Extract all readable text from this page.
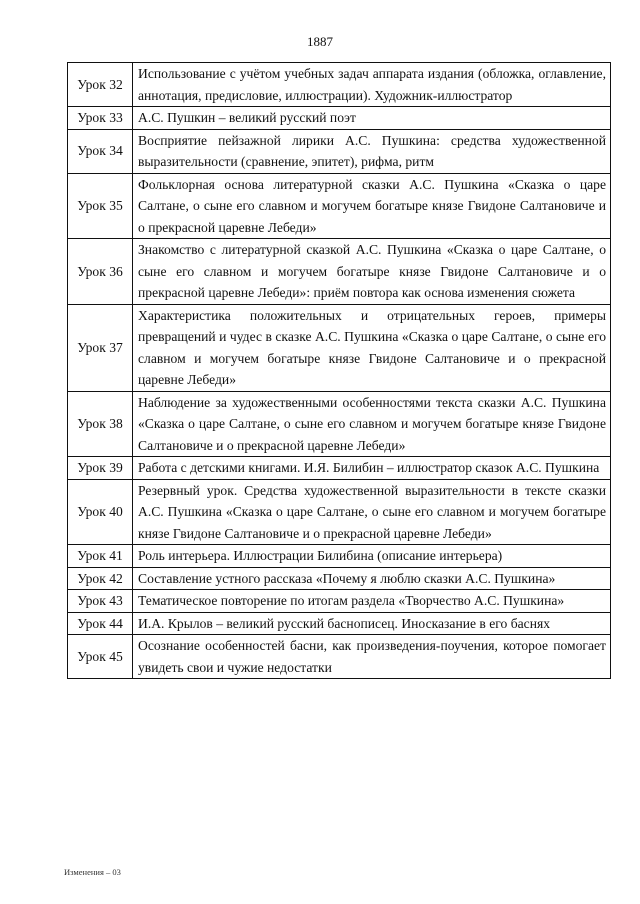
1887
Урок 32	Использование с учётом учебных задач аппарата издания (обложка, оглавление, аннотация, предисловие, иллюстрации). Художник-иллюстратор
Урок 33	А.С. Пушкин – великий русский поэт
Урок 34	Восприятие пейзажной лирики А.С. Пушкина: средства художественной выразительности (сравнение, эпитет), рифма, ритм
Урок 35	Фольклорная основа литературной сказки А.С. Пушкина «Сказка о царе Салтане, о сыне его славном и могучем богатыре князе Гвидоне Салтановиче и о прекрасной царевне Лебеди»
Урок 36	Знакомство с литературной сказкой А.С. Пушкина «Сказка о царе Салтане, о сыне его славном и могучем богатыре князе Гвидоне Салтановиче и о прекрасной царевне Лебеди»: приём повтора как основа изменения сюжета
Урок 37	Характеристика положительных и отрицательных героев, примеры превращений и чудес в сказке А.С. Пушкина «Сказка о царе Салтане, о сыне его славном и могучем богатыре князе Гвидоне Салтановиче и о прекрасной царевне Лебеди»
Урок 38	Наблюдение за художественными особенностями текста сказки А.С. Пушкина «Сказка о царе Салтане, о сыне его славном и могучем богатыре князе Гвидоне Салтановиче и о прекрасной царевне Лебеди»
Урок 39	Работа с детскими книгами. И.Я. Билибин – иллюстратор сказок А.С. Пушкина
Урок 40	Резервный урок. Средства художественной выразительности в тексте сказки А.С. Пушкина «Сказка о царе Салтане, о сыне его славном и могучем богатыре князе Гвидоне Салтановиче и о прекрасной царевне Лебеди»
Урок 41	Роль интерьера. Иллюстрации Билибина (описание интерьера)
Урок 42	Составление устного рассказа «Почему я люблю сказки А.С. Пушкина»
Урок 43	Тематическое повторение по итогам раздела «Творчество А.С. Пушкина»
Урок 44	И.А. Крылов – великий русский баснописец. Иносказание в его баснях
Урок 45	Осознание особенностей басни, как произведения-поучения, которое помогает увидеть свои и чужие недостатки
Изменения – 03
